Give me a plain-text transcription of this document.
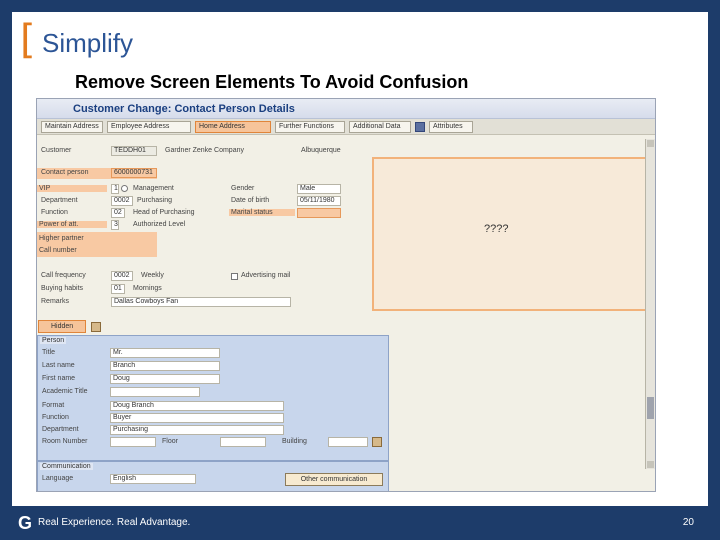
[ Simplify
Remove Screen Elements To Avoid Confusion
Customer Change: Contact Person Details
Maintain Address	Employee Address	Home Address	Further Functions	Additional Data	Attributes
Customer	TEDDH01	Gardner Zenke Company	Albuquerque
Contact person	6000000731
VIP	1 Management
Department	0002	Purchasing
Function	02	Head of Purchasing
Power of att.	3 Authorized Level
Higher partner
Call number
Gender	Male
Date of birth	05/11/1980
Marital status
????
Call frequency	0002	Weekly	Advertising mail
Buying habits	01	Mornings
Remarks	Dallas Cowboys Fan
Hidden
Person
Title	Mr.
Last name	Branch
First name	Doug
Academic Title
Format	Doug Branch
Function	Buyer
Department	Purchasing
Room Number	Floor	Building
Communication
Language	English	Other communication
G Real Experience. Real Advantage.	20
